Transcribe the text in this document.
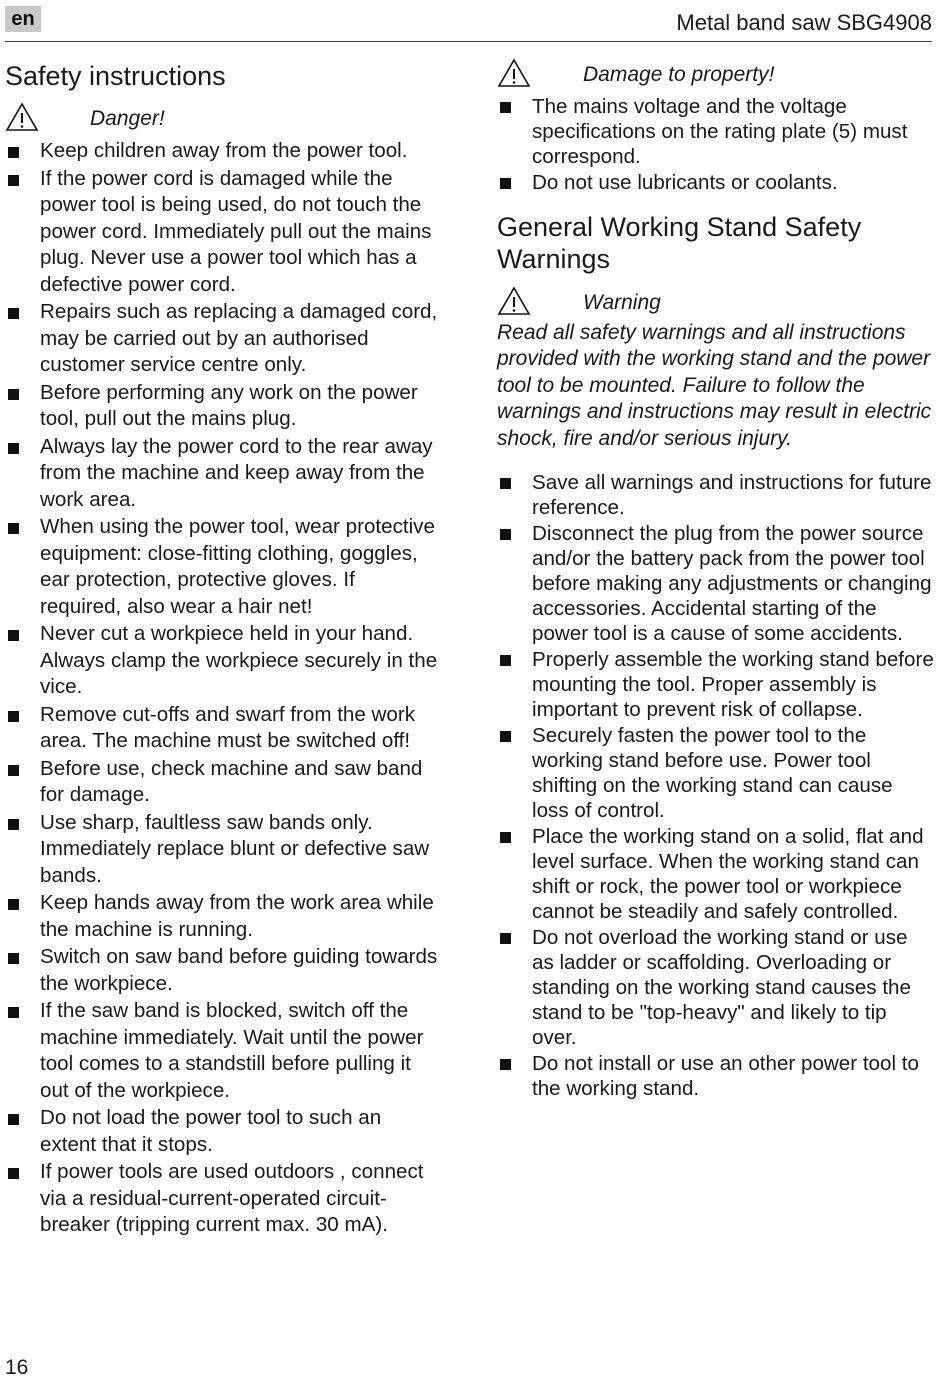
en	Metal band saw SBG4908
Safety instructions
Danger!
Keep children away from the power tool.
If the power cord is damaged while the power tool is being used, do not touch the power cord. Immediately pull out the mains plug. Never use a power tool which has a defective power cord.
Repairs such as replacing a damaged cord, may be carried out by an authorised customer service centre only.
Before performing any work on the power tool, pull out the mains plug.
Always lay the power cord to the rear away from the machine and keep away from the work area.
When using the power tool, wear protective equipment: close-fitting clothing, goggles, ear protection, protective gloves. If required, also wear a hair net!
Never cut a workpiece held in your hand. Always clamp the workpiece securely in the vice.
Remove cut-offs and swarf from the work area. The machine must be switched off!
Before use, check machine and saw band for damage.
Use sharp, faultless saw bands only. Immediately replace blunt or defective saw bands.
Keep hands away from the work area while the machine is running.
Switch on saw band before guiding towards the workpiece.
If the saw band is blocked, switch off the machine immediately. Wait until the power tool comes to a standstill before pulling it out of the workpiece.
Do not load the power tool to such an extent that it stops.
If power tools are used outdoors , connect via a residual-current-operated circuit-breaker (tripping current max. 30 mA).
Damage to property!
The mains voltage and the voltage specifications on the rating plate (5) must correspond.
Do not use lubricants or coolants.
General Working Stand Safety Warnings
Warning

Read all safety warnings and all instructions provided with the working stand and the power tool to be mounted. Failure to follow the warnings and instructions may result in electric shock, fire and/or serious injury.

Save all warnings and instructions for future reference.
Disconnect the plug from the power source and/or the battery pack from the power tool before making any adjustments or changing accessories. Accidental starting of the power tool is a cause of some accidents.
Properly assemble the working stand before mounting the tool. Proper assembly is important to prevent risk of collapse.
Securely fasten the power tool to the working stand before use. Power tool shifting on the working stand can cause loss of control.
Place the working stand on a solid, flat and level surface. When the working stand can shift or rock, the power tool or workpiece cannot be steadily and safely controlled.
Do not overload the working stand or use as ladder or scaffolding. Overloading or standing on the working stand causes the stand to be "top-heavy" and likely to tip over.
Do not install or use an other power tool to the working stand.
16
